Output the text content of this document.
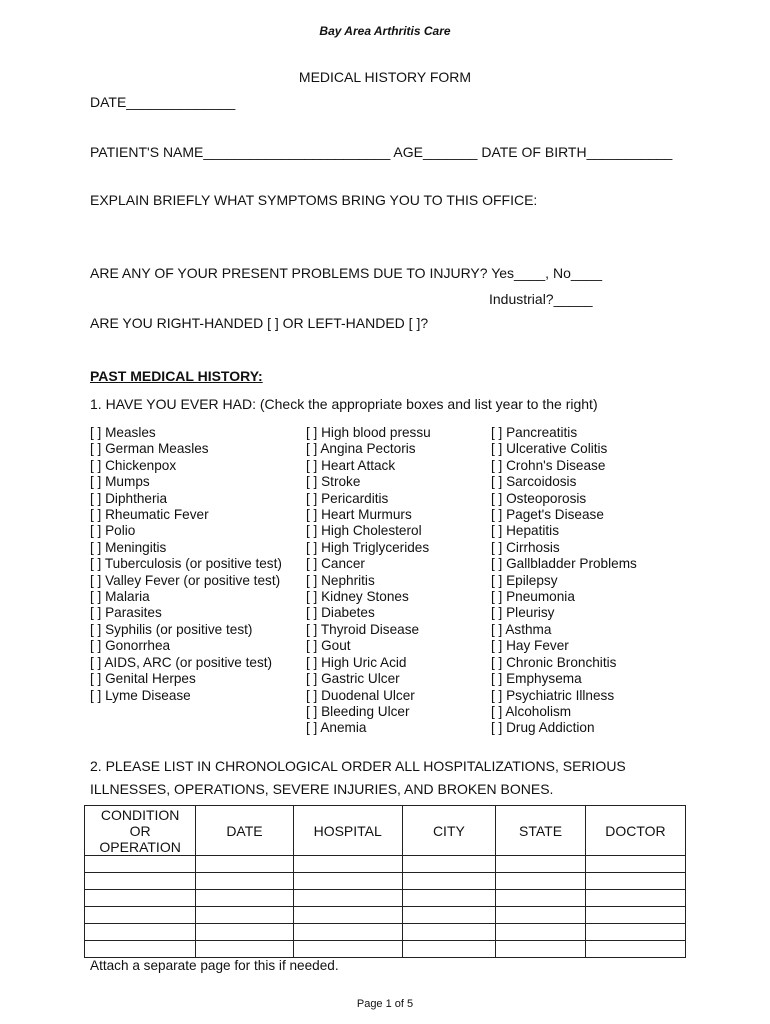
Bay Area Arthritis Care
MEDICAL HISTORY FORM
DATE______________
PATIENT'S NAME________________________ AGE_______ DATE OF BIRTH___________
EXPLAIN BRIEFLY WHAT SYMPTOMS BRING YOU TO THIS OFFICE:
ARE ANY OF YOUR PRESENT PROBLEMS DUE TO INJURY? Yes____, No____
Industrial?_____
ARE YOU RIGHT-HANDED [ ] OR LEFT-HANDED [ ]?
PAST MEDICAL HISTORY:
1. HAVE YOU EVER HAD: (Check the appropriate boxes and list year to the right)
[ ] Measles
[ ] German Measles
[ ] Chickenpox
[ ] Mumps
[ ] Diphtheria
[ ] Rheumatic Fever
[ ] Polio
[ ] Meningitis
[ ] Tuberculosis (or positive test)
[ ] Valley Fever (or positive test)
[ ] Malaria
[ ] Parasites
[ ] Syphilis (or positive test)
[ ] Gonorrhea
[ ] AIDS, ARC (or positive test)
[ ] Genital Herpes
[ ] Lyme Disease
[ ] High blood pressu
[ ] Angina Pectoris
[ ] Heart Attack
[ ] Stroke
[ ] Pericarditis
[ ] Heart Murmurs
[ ] High Cholesterol
[ ] High Triglycerides
[ ] Cancer
[ ] Nephritis
[ ] Kidney Stones
[ ] Diabetes
[ ] Thyroid Disease
[ ] Gout
[ ] High Uric Acid
[ ] Gastric Ulcer
[ ] Duodenal Ulcer
[ ] Bleeding Ulcer
[ ] Anemia
[ ] Pancreatitis
[ ] Ulcerative Colitis
[ ] Crohn's Disease
[ ] Sarcoidosis
[ ] Osteoporosis
[ ] Paget's Disease
[ ] Hepatitis
[ ] Cirrhosis
[ ] Gallbladder Problems
[ ] Epilepsy
[ ] Pneumonia
[ ] Pleurisy
[ ] Asthma
[ ] Hay Fever
[ ] Chronic Bronchitis
[ ] Emphysema
[ ] Psychiatric Illness
[ ] Alcoholism
[ ] Drug Addiction
2. PLEASE LIST IN CHRONOLOGICAL ORDER ALL HOSPITALIZATIONS, SERIOUS
ILLNESSES, OPERATIONS, SEVERE INJURIES, AND BROKEN BONES.
CONDITION
OR
OPERATION	DATE	HOSPITAL	CITY	STATE	DOCTOR

Attach a separate page for this if needed.
Page 1 of 5
